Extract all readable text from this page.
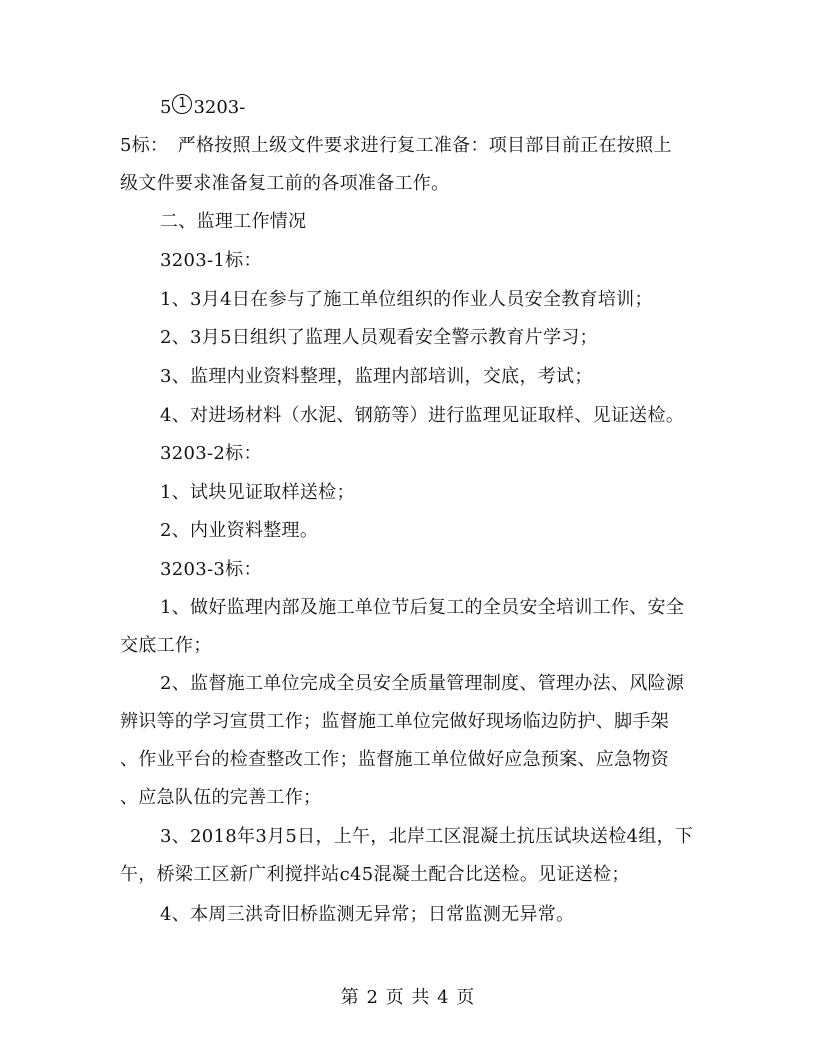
5 1 3203-

5标：　严格按照上级文件要求进行复工准备：项目部目前正在按照上

级文件要求准备复工前的各项准备工作。

二、监理工作情况

3203-1标：

1、3月4日在参与了施工单位组织的作业人员安全教育培训；

2、3月5日组织了监理人员观看安全警示教育片学习；

3、监理内业资料整理，监理内部培训，交底，考试；

4、对进场材料（水泥、钢筋等）进行监理见证取样、见证送检。

3203-2标：

1、试块见证取样送检；

2、内业资料整理。

3203-3标：

1、做好监理内部及施工单位节后复工的全员安全培训工作、安全

交底工作；

2、监督施工单位完成全员安全质量管理制度、管理办法、风险源

辨识等的学习宣贯工作；监督施工单位完做好现场临边防护、脚手架

、作业平台的检查整改工作；监督施工单位做好应急预案、应急物资

、应急队伍的完善工作；

3、2018年3月5日，上午，北岸工区混凝土抗压试块送检4组，下

午，桥梁工区新广利搅拌站c45混凝土配合比送检。见证送检；

4、本周三洪奇旧桥监测无异常；日常监测无异常。

第 2 页 共 4 页
